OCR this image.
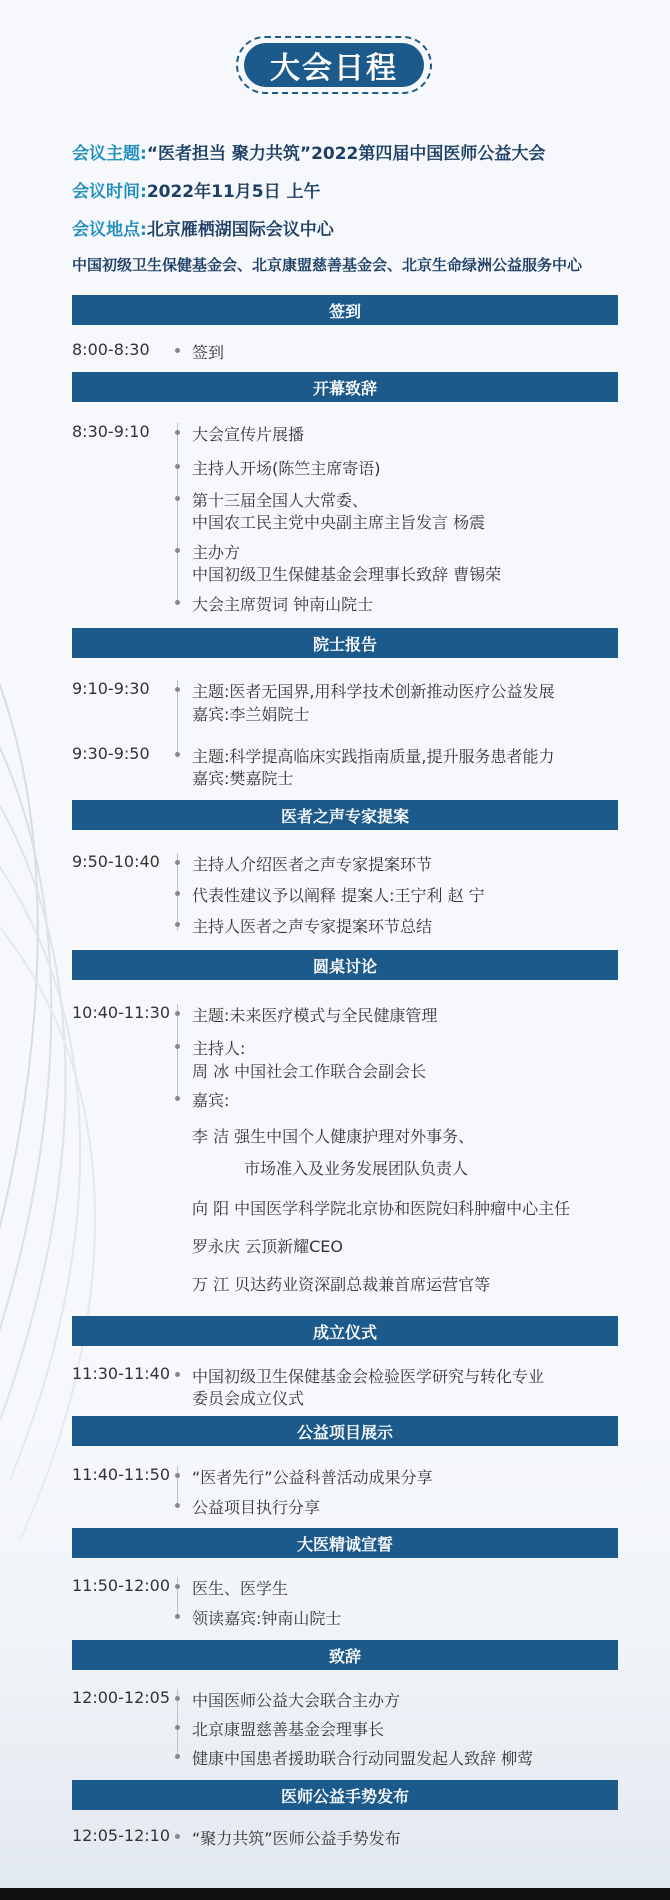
大会日程
会议主题:“医者担当 聚力共筑”2022第四届中国医师公益大会
会议时间:2022年11月5日 上午
会议地点:北京雁栖湖国际会议中心
中国初级卫生保健基金会、北京康盟慈善基金会、北京生命绿洲公益服务中心
签到
8:00-8:30	签到
开幕致辞
8:30-9:10	大会宣传片展播
主持人开场(陈竺主席寄语)
第十三届全国人大常委、
中国农工民主党中央副主席主旨发言 杨震
主办方
中国初级卫生保健基金会理事长致辞 曹锡荣
大会主席贺词 钟南山院士
院士报告
9:10-9:30	主题:医者无国界,用科学技术创新推动医疗公益发展
嘉宾:李兰娟院士
9:30-9:50	主题:科学提高临床实践指南质量,提升服务患者能力
嘉宾:樊嘉院士
医者之声专家提案
9:50-10:40 主持人介绍医者之声专家提案环节
代表性建议予以阐释 提案人:王宁利 赵 宁
主持人医者之声专家提案环节总结
圆桌讨论
10:40-11:30 主题:未来医疗模式与全民健康管理
主持人:
周 冰 中国社会工作联合会副会长
嘉宾:
李 洁 强生中国个人健康护理对外事务、
市场准入及业务发展团队负责人
向 阳 中国医学科学院北京协和医院妇科肿瘤中心主任
罗永庆 云顶新耀CEO
万 江 贝达药业资深副总裁兼首席运营官等
成立仪式
11:30-11:40 中国初级卫生保健基金会检验医学研究与转化专业
委员会成立仪式
公益项目展示
11:40-11:50 “医者先行”公益科普活动成果分享
公益项目执行分享
大医精诚宣誓
11:50-12:00 医生、医学生
领读嘉宾:钟南山院士
致辞
12:00-12:05 中国医师公益大会联合主办方
北京康盟慈善基金会理事长
健康中国患者援助联合行动同盟发起人致辞 柳莺
医师公益手势发布
12:05-12:10 “聚力共筑”医师公益手势发布
